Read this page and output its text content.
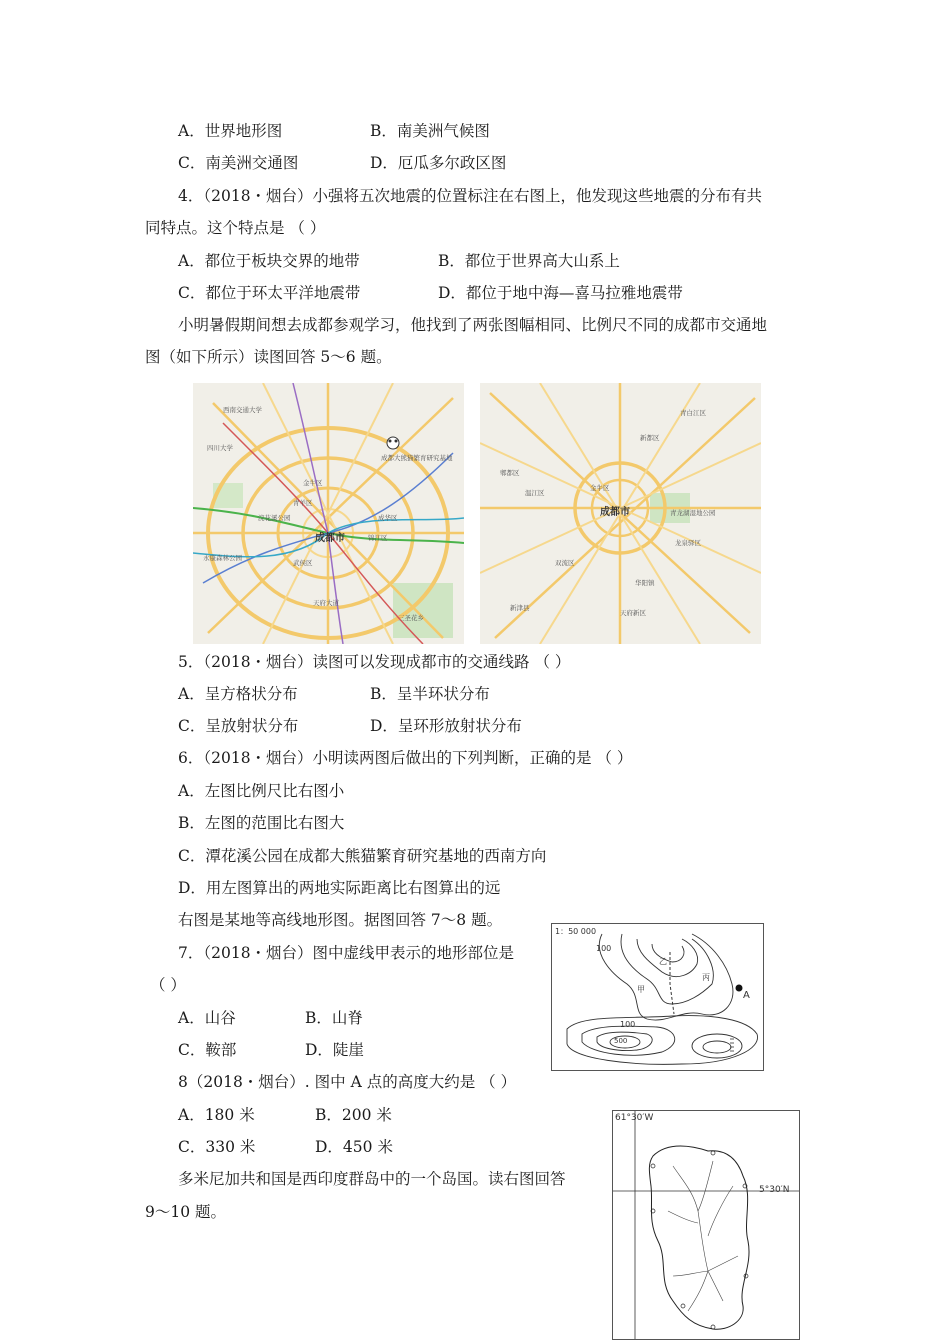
A．世界地形图	B．南美洲气候图
C．南美洲交通图	D．厄瓜多尔政区图
4．（2018・烟台）小强将五次地震的位置标注在右图上，他发现这些地震的分布有共
同特点。这个特点是 （ ）
A．都位于板块交界的地带	B．都位于世界高大山系上
C．都位于环太平洋地震带	D．都位于地中海—喜马拉雅地震带
小明暑假期间想去成都参观学习，他找到了两张图幅相同、比例尺不同的成都市交通地
图（如下所示）读图回答 5～6 题。
成都市
西南交通大学
四川大学
永康森林公园
浣花溪公园
青羊区
武侯区
锦江区
成华区
金牛区
成都大熊猫繁育研究基地
三圣花乡
天府大道
成都市
新都区
郫都区
温江区
双流区
龙泉驿区
青白江区
新津县
华阳镇
青龙湖湿地公园
金牛区
天府新区
5．（2018・烟台）读图可以发现成都市的交通线路 （ ）
A．呈方格状分布	B．呈半环状分布
C．呈放射状分布	D．呈环形放射状分布
6．（2018・烟台）小明读两图后做出的下列判断，正确的是 （ ）
A．左图比例尺比右图小
B．左图的范围比右图大
C．潭花溪公园在成都大熊猫繁育研究基地的西南方向
D．用左图算出的两地实际距离比右图算出的远
右图是某地等高线地形图。据图回答 7～8 题。
7．（2018・烟台）图中虚线甲表示的地形部位是
（ ）
A．山谷	B．山脊
C．鞍部	D．陡崖
1：50 000
甲
乙
丙
A
100
100
500
8（2018・烟台）. 图中 A 点的高度大约是 （ ）
A．180 米	B．200 米
C．330 米	D．450 米
多米尼加共和国是西印度群岛中的一个岛国。读右图回答
9～10 题。
61°30′W
5°30′N
